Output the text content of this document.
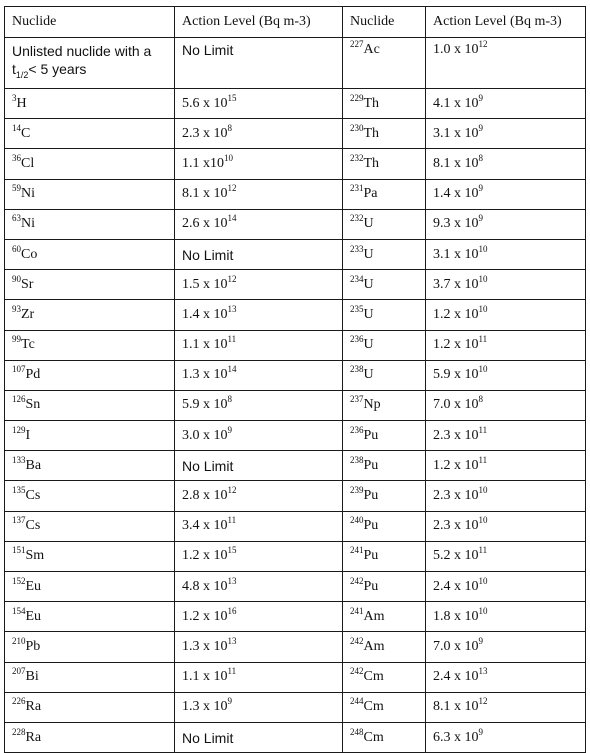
Nuclide	Action Level (Bq m-3)	Nuclide	Action Level (Bq m-3)
Unlisted nuclide with a
$t_{1/2}< 5$ years	No Limit	$^{227}$Ac	1.0 x $10^{12}$
$^3$H	5.6 x $10^{15}$	$^{229}$Th	4.1 x $10^9$
$^{14}$C	2.3 x $10^8$	$^{230}$Th	3.1 x $10^9$
$^{36}$Cl	1.1 $x10^{10}$	$^{232}$Th	8.1 x $10^8$
$^{59}$Ni	8.1 x $10^{12}$	$^{231}$Pa	1.4 x $10^9$
$^{63}$Ni	2.6 x $10^{14}$	$^{232}$U	9.3 x $10^9$
$^{60}$Co	No Limit	$^{233}$U	3.1 x $10^{10}$
$^{90}$Sr	1.5 x $10^{12}$	$^{234}$U	3.7 x $10^{10}$
$^{93}$Zr	1.4 x $10^{13}$	$^{235}$U	1.2 x $10^{10}$
$^{99}$Tc	1.1 x $10^{11}$	$^{236}$U	1.2 x $10^{11}$
$^{107}$Pd	1.3 x $10^{14}$	$^{238}$U	5.9 x $10^{10}$
$^{126}$Sn	5.9 x $10^8$	$^{237}$Np	7.0 x $10^8$
$^{129}$I	3.0 x $10^9$	$^{236}$Pu	2.3 x $10^{11}$
$^{133}$Ba	No Limit	$^{238}$Pu	1.2 x $10^{11}$
$^{135}$Cs	2.8 x $10^{12}$	$^{239}$Pu	2.3 x $10^{10}$
$^{137}$Cs	3.4 x $10^{11}$	$^{240}$Pu	2.3 x $10^{10}$
$^{151}$Sm	1.2 x $10^{15}$	$^{241}$Pu	5.2 x $10^{11}$
$^{152}$Eu	4.8 x $10^{13}$	$^{242}$Pu	2.4 x $10^{10}$
$^{154}$Eu	1.2 x $10^{16}$	$^{241}$Am	1.8 x $10^{10}$
$^{210}$Pb	1.3 x $10^{13}$	$^{242}$Am	7.0 x $10^9$
$^{207}$Bi	1.1 x $10^{11}$	$^{242}$Cm	2.4 x $10^{13}$
$^{226}$Ra	1.3 x $10^9$	$^{244}$Cm	8.1 x $10^{12}$
$^{228}$Ra	No Limit	$^{248}$Cm	6.3 x $10^9$
